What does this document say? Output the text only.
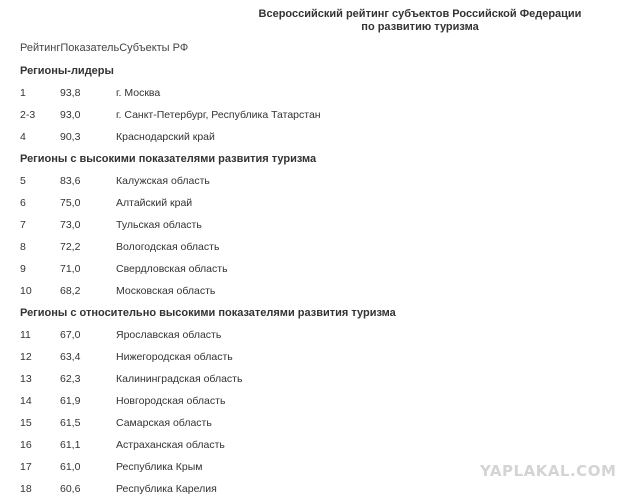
Всероссийский рейтинг субъектов Российской Федерации
по развитию туризма
Рейтинг Показатель Субъекты РФ
Регионы-лидеры
1	93,8	г. Москва
2-3 93,0	г. Санкт-Петербург, Республика Татарстан
4	90,3	Краснодарский край
Регионы с высокими показателями развития туризма
5	83,6	Калужская область
6	75,0	Алтайский край
7	73,0	Тульская область
8	72,2	Вологодская область
9	71,0	Свердловская область
10	68,2	Московская область
Регионы с относительно высокими показателями развития туризма
11	67,0	Ярославская область
12	63,4	Нижегородская область
13	62,3	Калининградская область
14	61,9	Новгородская область
15	61,5	Самарская область
16	61,1	Астраханская область
17	61,0	Республика Крым
18	60,6	Республика Карелия
YAPLAKAL.COM
